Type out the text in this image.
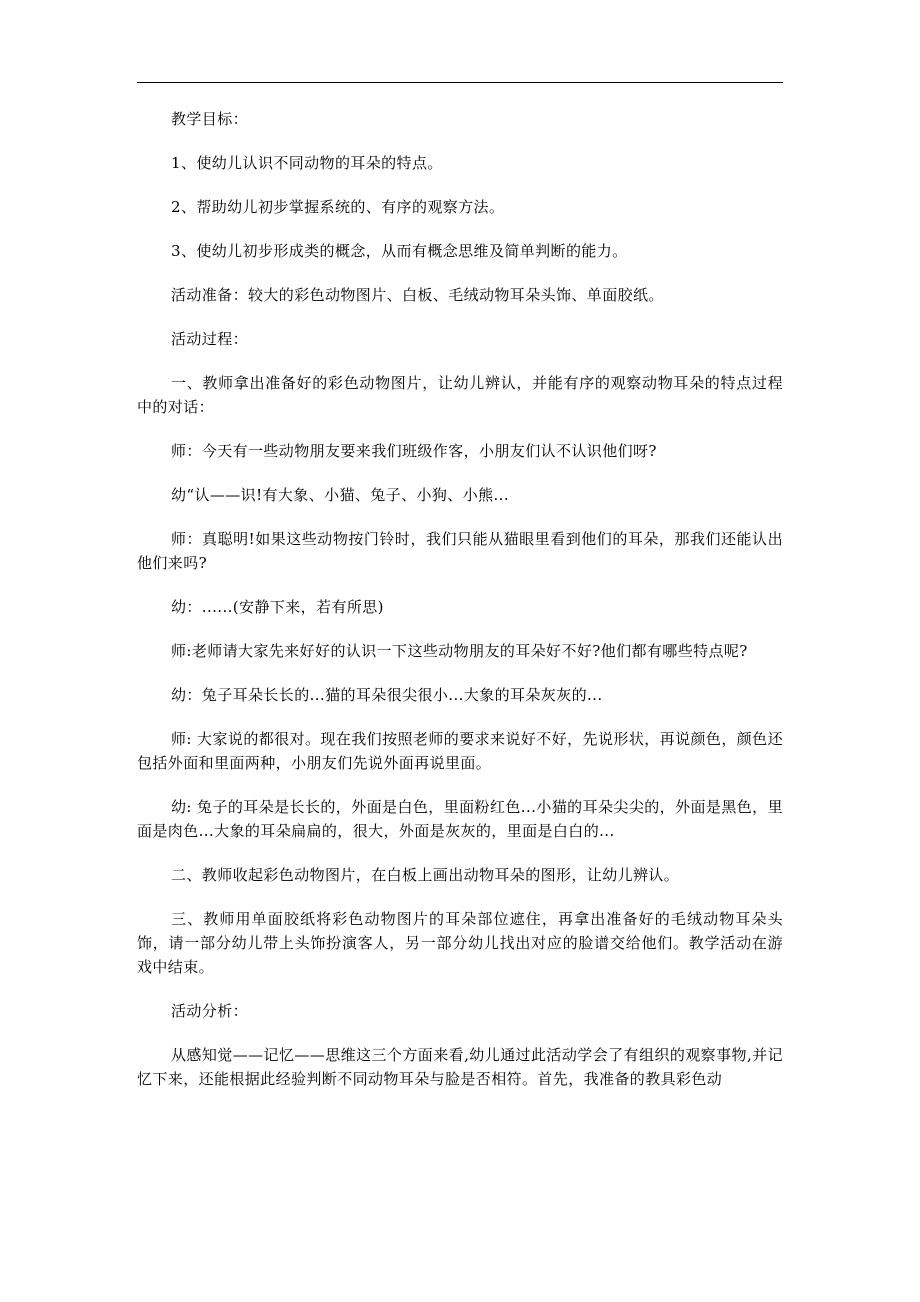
教学目标：

1、使幼儿认识不同动物的耳朵的特点。

2、帮助幼儿初步掌握系统的、有序的观察方法。

3、使幼儿初步形成类的概念，从而有概念思维及简单判断的能力。

活动准备：较大的彩色动物图片、白板、毛绒动物耳朵头饰、单面胶纸。

活动过程：

一、教师拿出准备好的彩色动物图片，让幼儿辨认，并能有序的观察动物耳朵的特点过程中的对话：

师：今天有一些动物朋友要来我们班级作客，小朋友们认不认识他们呀?

幼“认——识!有大象、小猫、兔子、小狗、小熊...

师：真聪明!如果这些动物按门铃时，我们只能从猫眼里看到他们的耳朵，那我们还能认出他们来吗?

幼：......(安静下来，若有所思)

师:老师请大家先来好好的认识一下这些动物朋友的耳朵好不好?他们都有哪些特点呢?

幼：兔子耳朵长长的...猫的耳朵很尖很小...大象的耳朵灰灰的...

师: 大家说的都很对。现在我们按照老师的要求来说好不好，先说形状，再说颜色，颜色还包括外面和里面两种，小朋友们先说外面再说里面。

幼: 兔子的耳朵是长长的，外面是白色，里面粉红色...小猫的耳朵尖尖的，外面是黑色，里面是肉色...大象的耳朵扁扁的，很大，外面是灰灰的，里面是白白的...

二、教师收起彩色动物图片，在白板上画出动物耳朵的图形，让幼儿辨认。

三、教师用单面胶纸将彩色动物图片的耳朵部位遮住，再拿出准备好的毛绒动物耳朵头饰，请一部分幼儿带上头饰扮演客人，另一部分幼儿找出对应的脸谱交给他们。教学活动在游戏中结束。

活动分析：

从感知觉——记忆——思维这三个方面来看,幼儿通过此活动学会了有组织的观察事物,并记忆下来，还能根据此经验判断不同动物耳朵与脸是否相符。首先，我准备的教具彩色动
